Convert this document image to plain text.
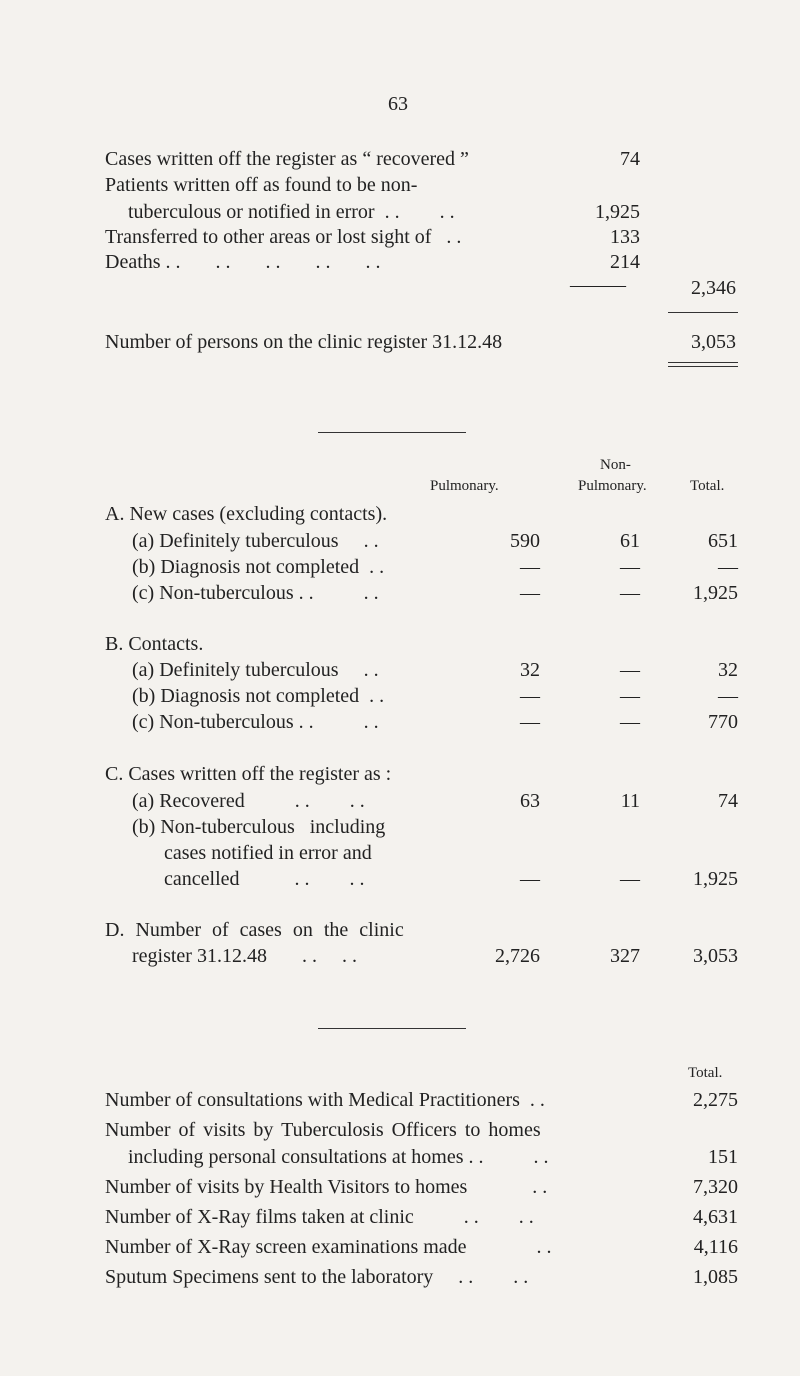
63
Cases written off the register as “ recovered ”	74
Patients written off as found to be non-
tuberculous or notified in error  . .        . .	1,925
Transferred to other areas or lost sight of   . .	133
Deaths . .       . .       . .       . .       . .	214
———	2,346
Number of persons on the clinic register 31.12.48	3,053
Non-
Pulmonary.	Pulmonary.	Total.
A. New cases (excluding contacts).
(a) Definitely tuberculous     . .	590	61	651
(b) Diagnosis not completed  . .	—	—	—
(c) Non-tuberculous . .          . .	—	—	1,925
B. Contacts.
(a) Definitely tuberculous     . .	32	—	32
(b) Diagnosis not completed  . .	—	—	—
(c) Non-tuberculous . .          . .	—	—	770
C. Cases written off the register as :
(a) Recovered          . .        . .	63	11	74
(b) Non-tuberculous   including
cases notified in error and
cancelled           . .        . .	—	—	1,925
D. Number of cases on the clinic
register 31.12.48       . .     . .	2,726	327	3,053
Total.
Number of consultations with Medical Practitioners  . .	2,275
Number of visits by Tuberculosis Officers to homes
including personal consultations at homes . .          . .	151
Number of visits by Health Visitors to homes             . .	7,320
Number of X-Ray films taken at clinic          . .        . .	4,631
Number of X-Ray screen examinations made              . .	4,116
Sputum Specimens sent to the laboratory     . .        . .	1,085
